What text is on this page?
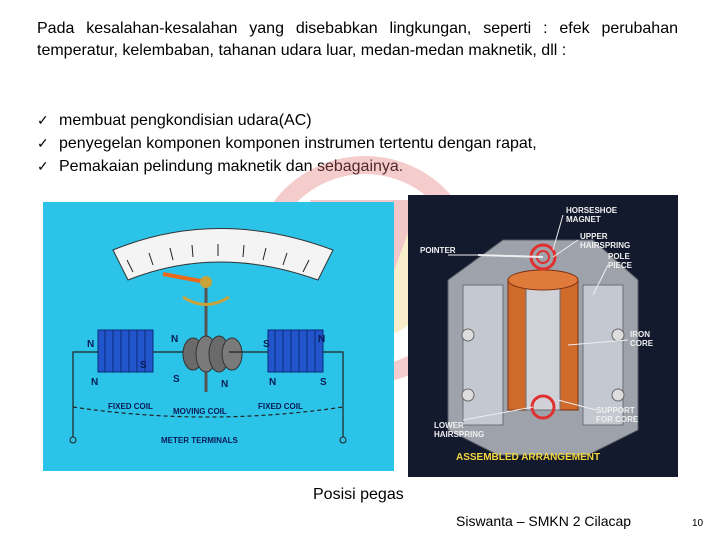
Pada kesalahan-kesalahan yang disebabkan lingkungan, seperti : efek perubahan temperatur, kelembaban, tahanan udara luar, medan-medan maknetik, dll :

✓ membuat pengkondisian udara(AC)
✓ penyegelan komponen komponen instrumen tertentu dengan rapat,
✓ Pemakaian pelindung maknetik dan sebagainya.
N
S
N
S	N
S	N
N	N	S
FIXED COIL
MOVING COIL
FIXED COIL
METER TERMINALS
HORSESHOE MAGNET
UPPER HAIRSPRING
POINTER
POLE PIECE
IRON CORE
LOWER HAIRSPRING
SUPPORT FOR CORE
ASSEMBLED ARRANGEMENT
Posisi pegas
Siswanta – SMKN 2 Cilacap	10
